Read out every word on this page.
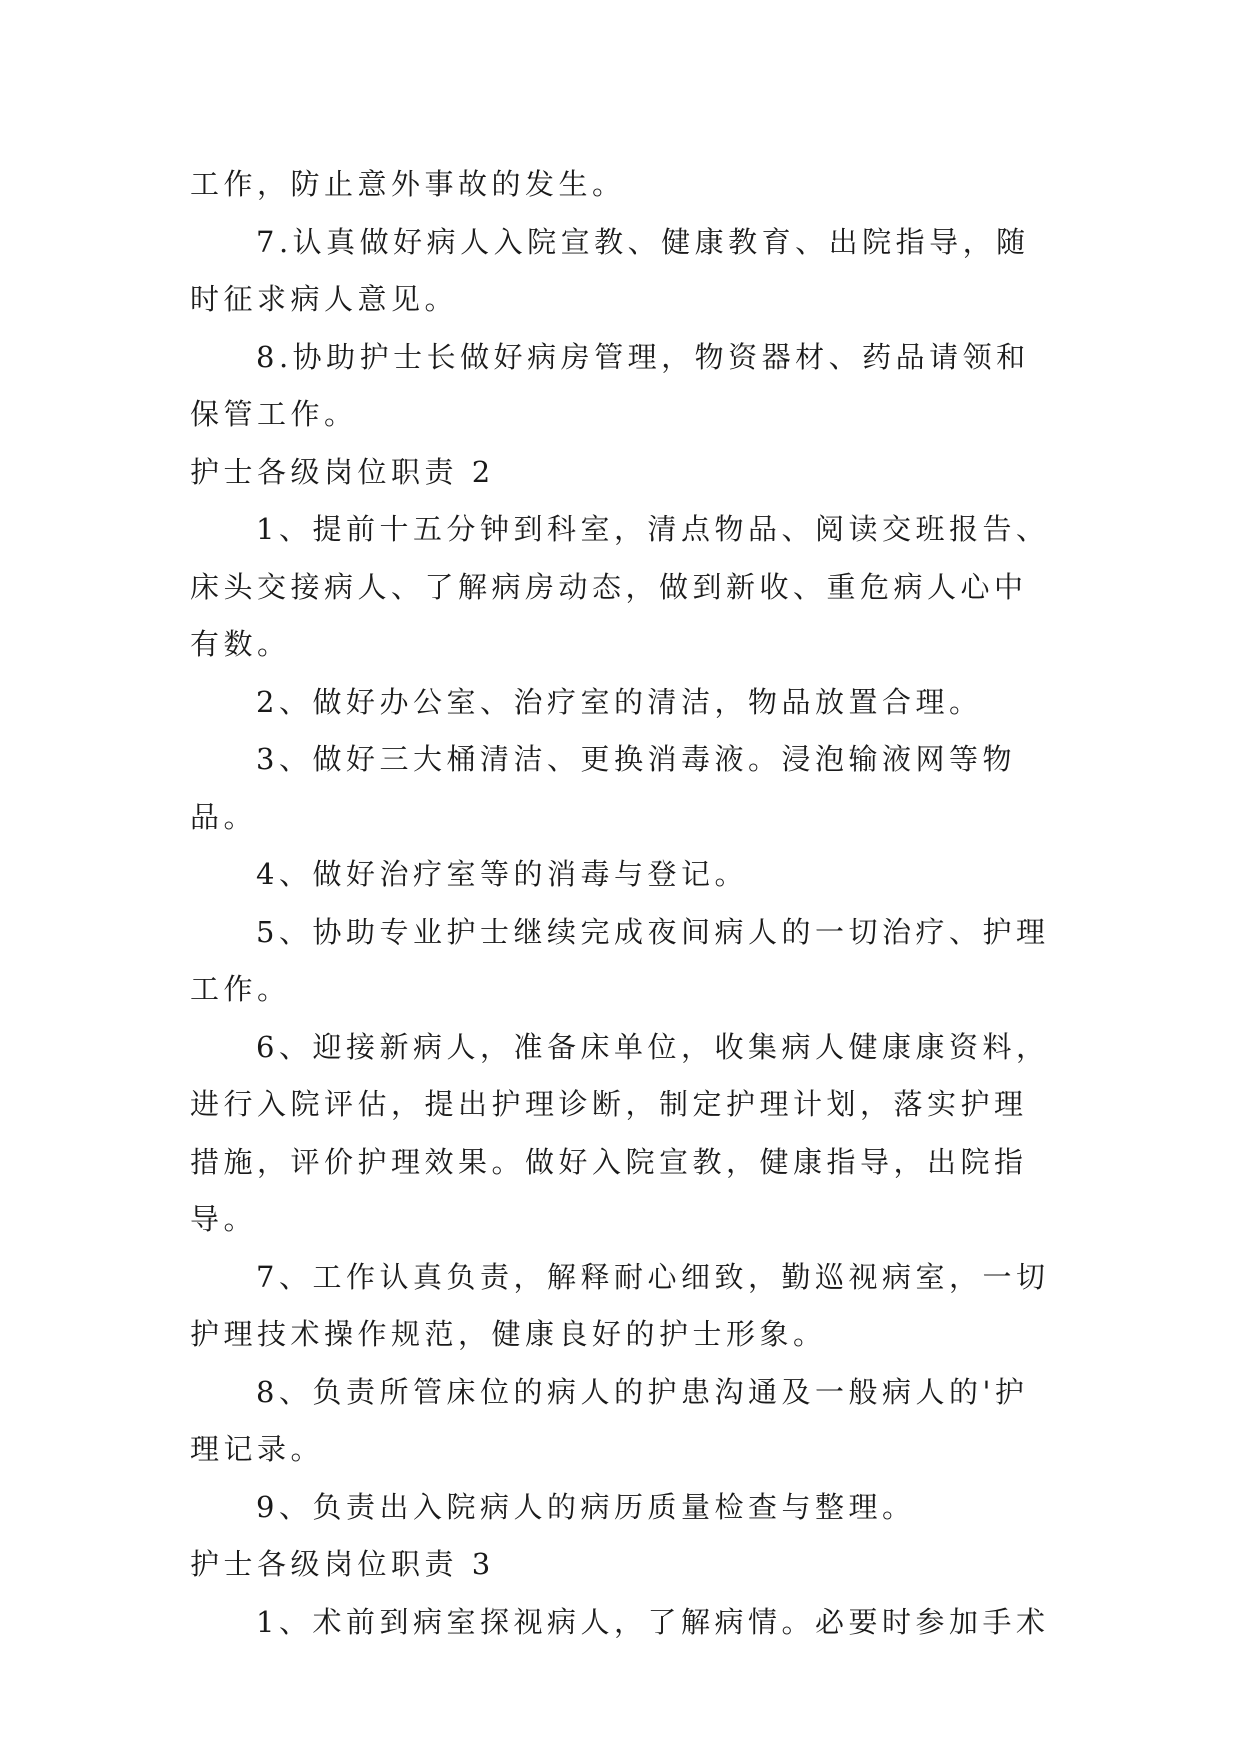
工作，防止意外事故的发生。

7.认真做好病人入院宣教、健康教育、出院指导，随时征求病人意见。

8.协助护士长做好病房管理，物资器材、药品请领和保管工作。

护士各级岗位职责 2

1、提前十五分钟到科室，清点物品、阅读交班报告、床头交接病人、了解病房动态，做到新收、重危病人心中有数。

2、做好办公室、治疗室的清洁，物品放置合理。

3、做好三大桶清洁、更换消毒液。浸泡输液网等物品。

4、做好治疗室等的消毒与登记。

5、协助专业护士继续完成夜间病人的一切治疗、护理工作。

6、迎接新病人，准备床单位，收集病人健康康资料，进行入院评估，提出护理诊断，制定护理计划，落实护理措施，评价护理效果。做好入院宣教，健康指导，出院指导。

7、工作认真负责，解释耐心细致，勤巡视病室，一切护理技术操作规范，健康良好的护士形象。

8、负责所管床位的病人的护患沟通及一般病人的'护理记录。

9、负责出入院病人的病历质量检查与整理。

护士各级岗位职责 3

1、术前到病室探视病人，了解病情。必要时参加手术
